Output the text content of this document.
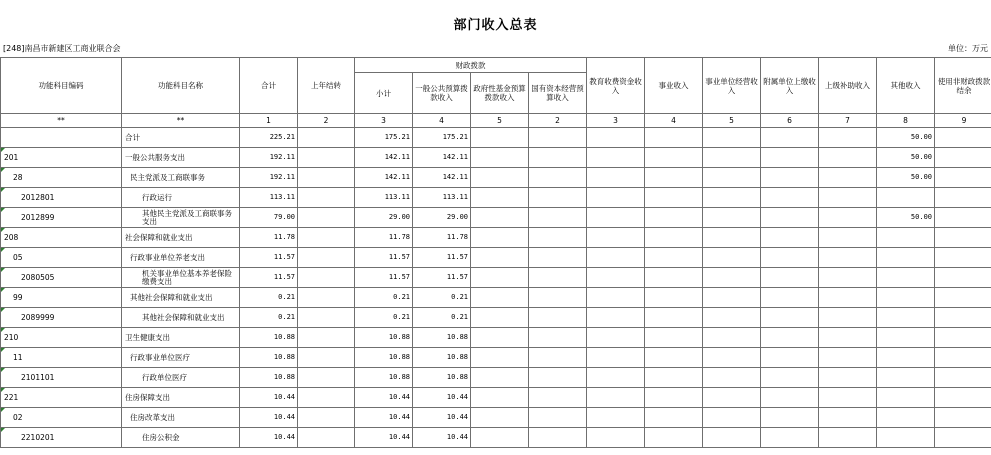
部门收入总表
[248]南昌市新建区工商业联合会	单位：万元
功能科目编码	功能科目名称	合计	上年结转	财政拨款				教育收费资金收入	事业收入	事业单位经营收入	附属单位上缴收入	上级补助收入	其他收入	使用非财政拨款结余
				小计	一般公共预算拨款收入	政府性基金预算拨款收入	国有资本经营预算收入							
**	**	1	2	3	4	5	2	3	4	5	6	7	8	9
	合计	225.21		175.21	175.21								50.00	
201	一般公共服务支出	192.11		142.11	142.11								50.00	
28	民主党派及工商联事务	192.11		142.11	142.11								50.00	
2012801	行政运行	113.11		113.11	113.11									
2012899	其他民主党派及工商联事务支出	79.00		29.00	29.00								50.00	
208	社会保障和就业支出	11.78		11.78	11.78									
05	行政事业单位养老支出	11.57		11.57	11.57									
2080505	机关事业单位基本养老保险缴费支出	11.57		11.57	11.57									
99	其他社会保障和就业支出	0.21		0.21	0.21									
2089999	其他社会保障和就业支出	0.21		0.21	0.21									
210	卫生健康支出	10.88		10.88	10.88									
11	行政事业单位医疗	10.88		10.88	10.88									
2101101	行政单位医疗	10.88		10.88	10.88									
221	住房保障支出	10.44		10.44	10.44									
02	住房改革支出	10.44		10.44	10.44									
2210201	住房公积金	10.44		10.44	10.44									
